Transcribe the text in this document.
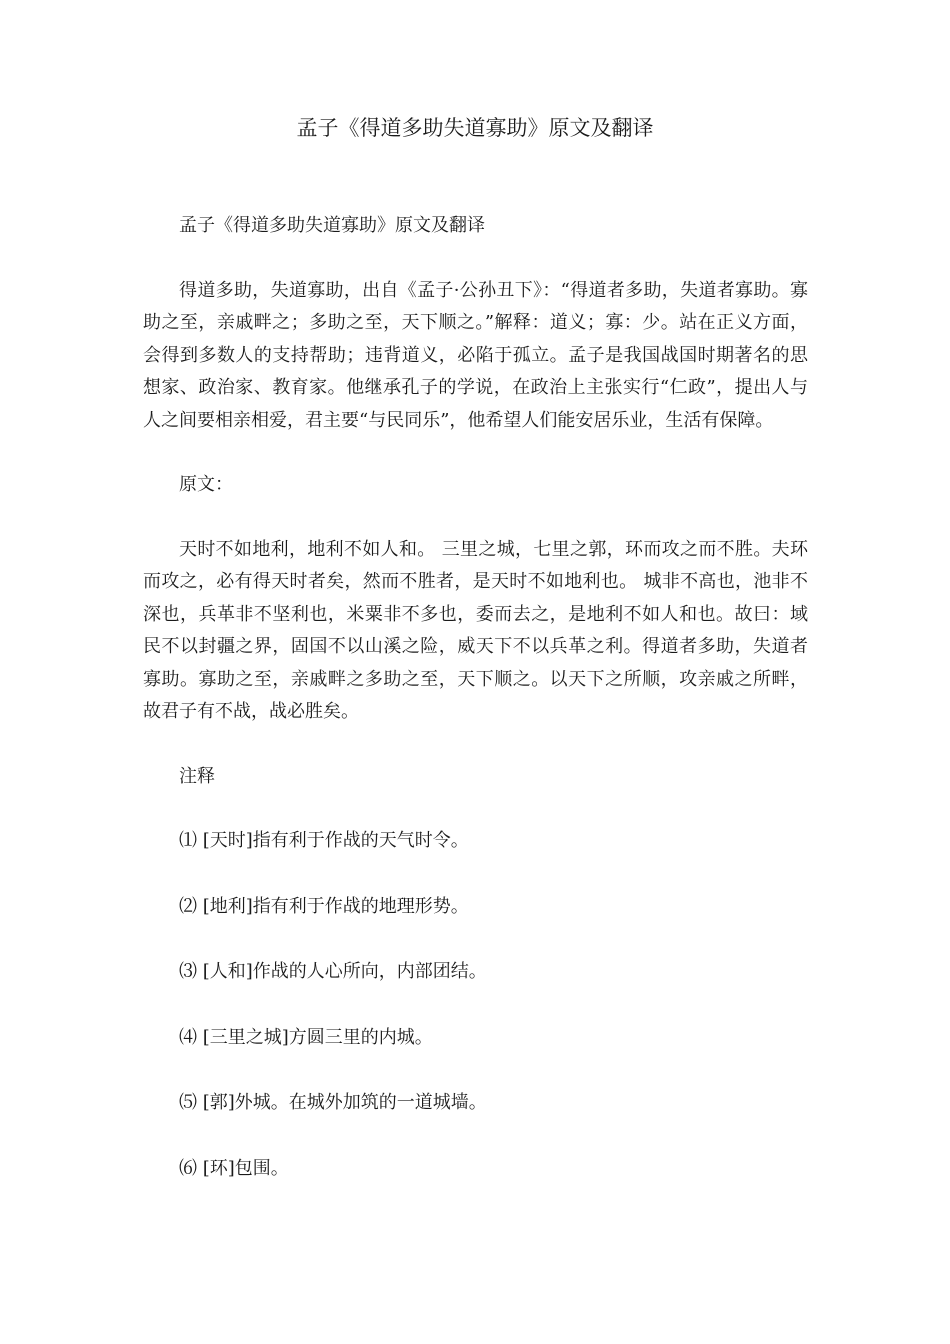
孟子《得道多助失道寡助》原文及翻译

孟子《得道多助失道寡助》原文及翻译

得道多助，失道寡助，出自《孟子·公孙丑下》：“得道者多助，失道者寡助。寡助之至，亲戚畔之；多助之至，天下顺之。”解释：道义；寡：少。站在正义方面，会得到多数人的支持帮助；违背道义，必陷于孤立。孟子是我国战国时期著名的思想家、政治家、教育家。他继承孔子的学说，在政治上主张实行“仁政”，提出人与人之间要相亲相爱，君主要“与民同乐”，他希望人们能安居乐业，生活有保障。

原文：

天时不如地利，地利不如人和。 三里之城，七里之郭，环而攻之而不胜。夫环而攻之，必有得天时者矣，然而不胜者，是天时不如地利也。 城非不高也，池非不深也，兵革非不坚利也，米粟非不多也，委而去之，是地利不如人和也。故曰：域民不以封疆之界，固国不以山溪之险，威天下不以兵革之利。得道者多助，失道者寡助。寡助之至，亲戚畔之多助之至，天下顺之。以天下之所顺，攻亲戚之所畔，故君子有不战，战必胜矣。

注释

⑴ [天时]指有利于作战的天气时令。

⑵ [地利]指有利于作战的地理形势。

⑶ [人和]作战的人心所向，内部团结。

⑷ [三里之城]方圆三里的内城。

⑸ [郭]外城。在城外加筑的一道城墙。

⑹ [环]包围。
